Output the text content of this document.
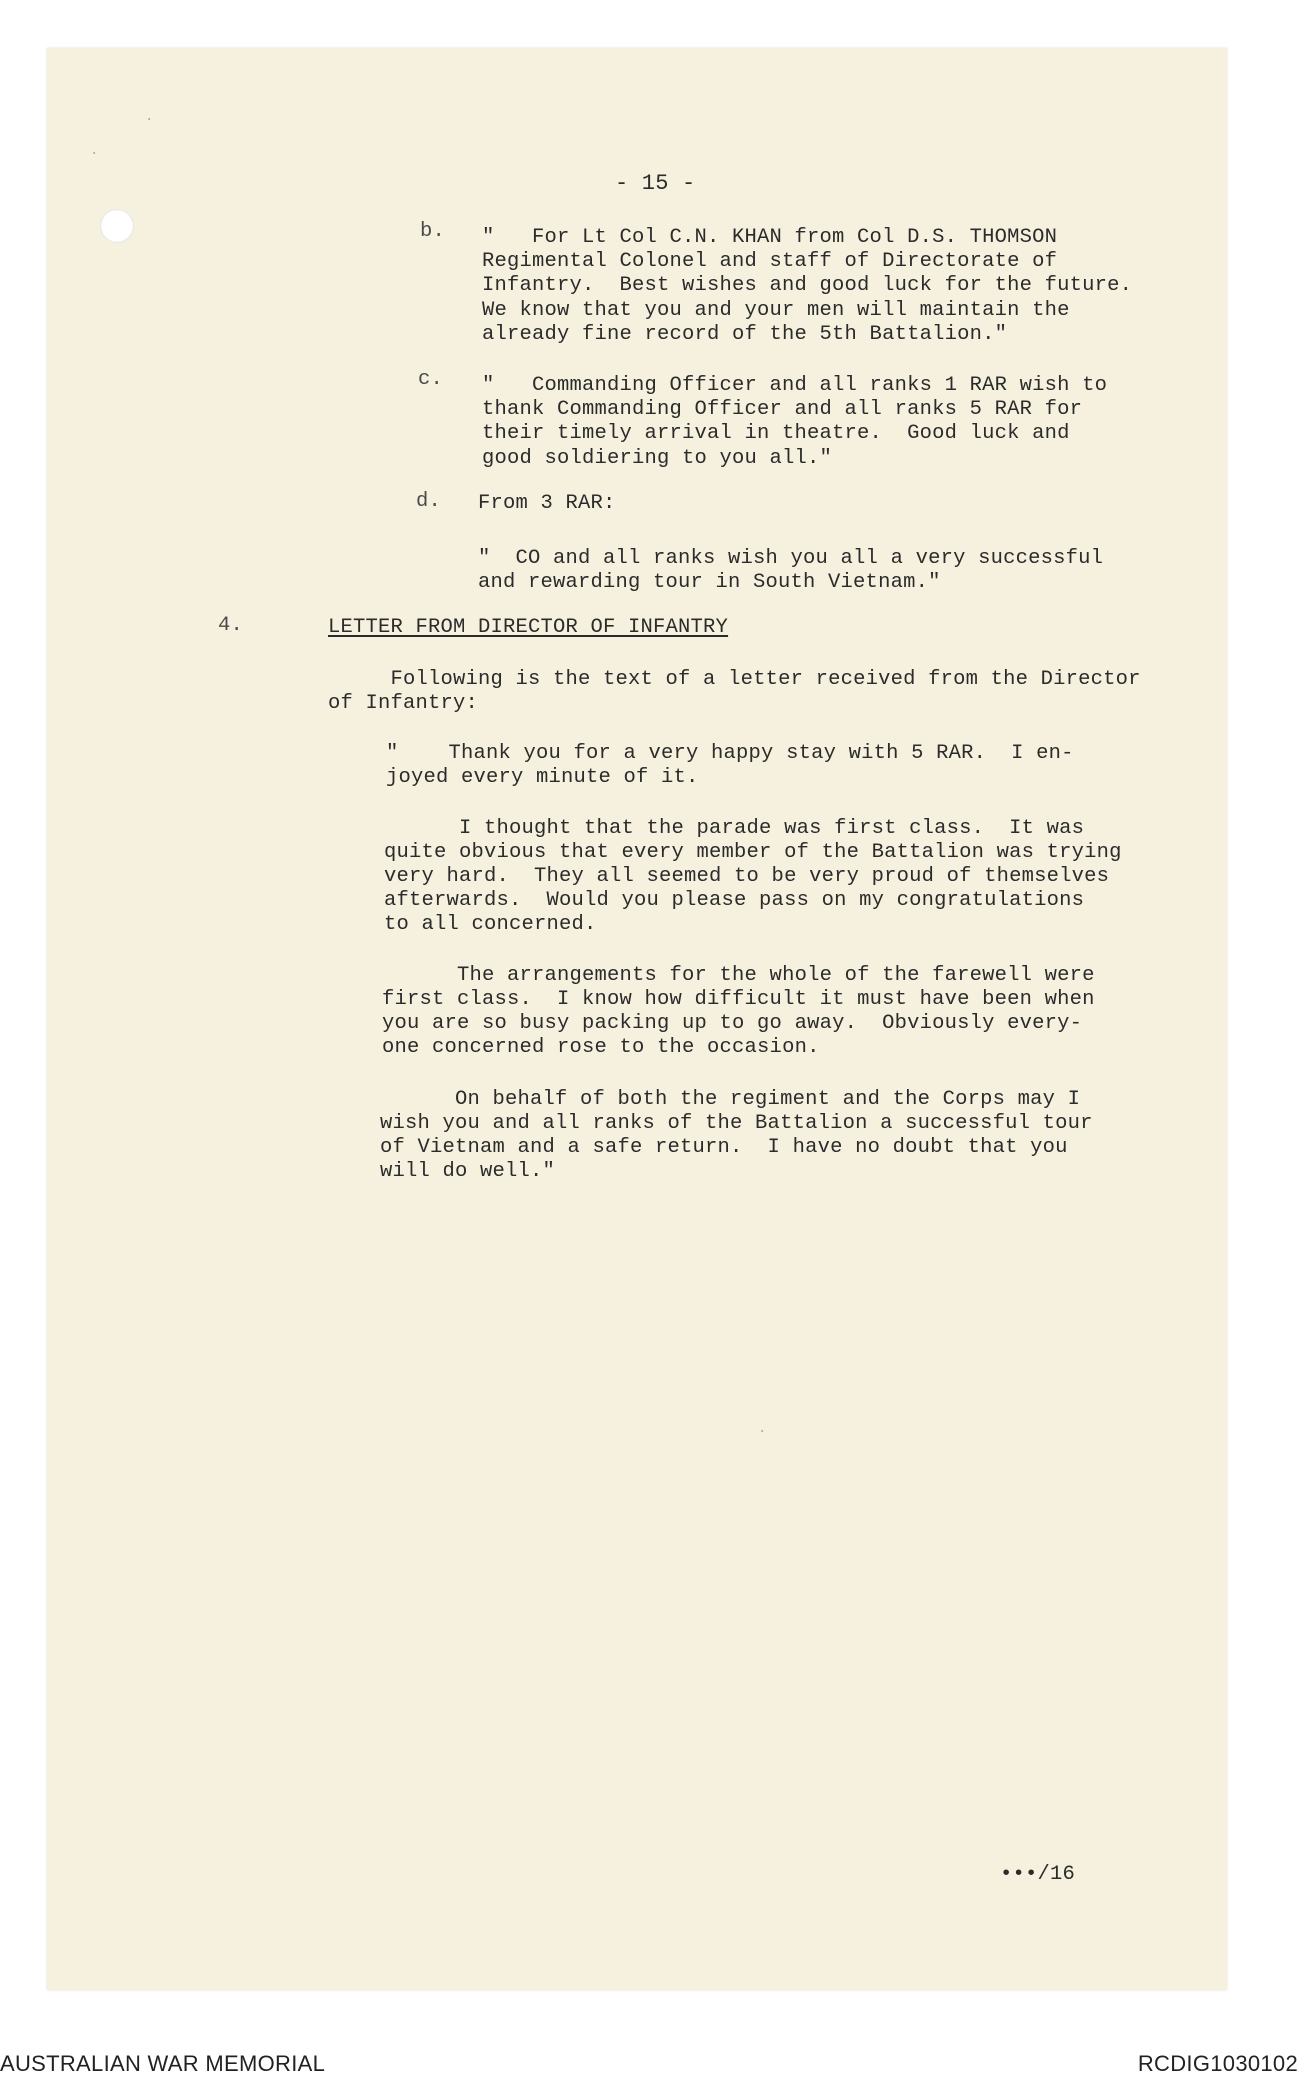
·
·
·
- 15 -
b. "   For Lt Col C.N. KHAN from Col D.S. THOMSON
Regimental Colonel and staff of Directorate of
Infantry.  Best wishes and good luck for the future.
We know that you and your men will maintain the
already fine record of the 5th Battalion."
c. "   Commanding Officer and all ranks 1 RAR wish to
thank Commanding Officer and all ranks 5 RAR for
their timely arrival in theatre.  Good luck and
good soldiering to you all."
d. From 3 RAR:
"  CO and all ranks wish you all a very successful
and rewarding tour in South Vietnam."
4.	LETTER FROM DIRECTOR OF INFANTRY
Following is the text of a letter received from the Director
of Infantry:
"    Thank you for a very happy stay with 5 RAR.  I en-
joyed every minute of it.
I thought that the parade was first class.  It was
quite obvious that every member of the Battalion was trying
very hard.  They all seemed to be very proud of themselves
afterwards.  Would you please pass on my congratulations
to all concerned.
The arrangements for the whole of the farewell were
first class.  I know how difficult it must have been when
you are so busy packing up to go away.  Obviously every-
one concerned rose to the occasion.
On behalf of both the regiment and the Corps may I
wish you and all ranks of the Battalion a successful tour
of Vietnam and a safe return.  I have no doubt that you
will do well."
•••/16
AUSTRALIAN WAR MEMORIAL	RCDIG1030102
